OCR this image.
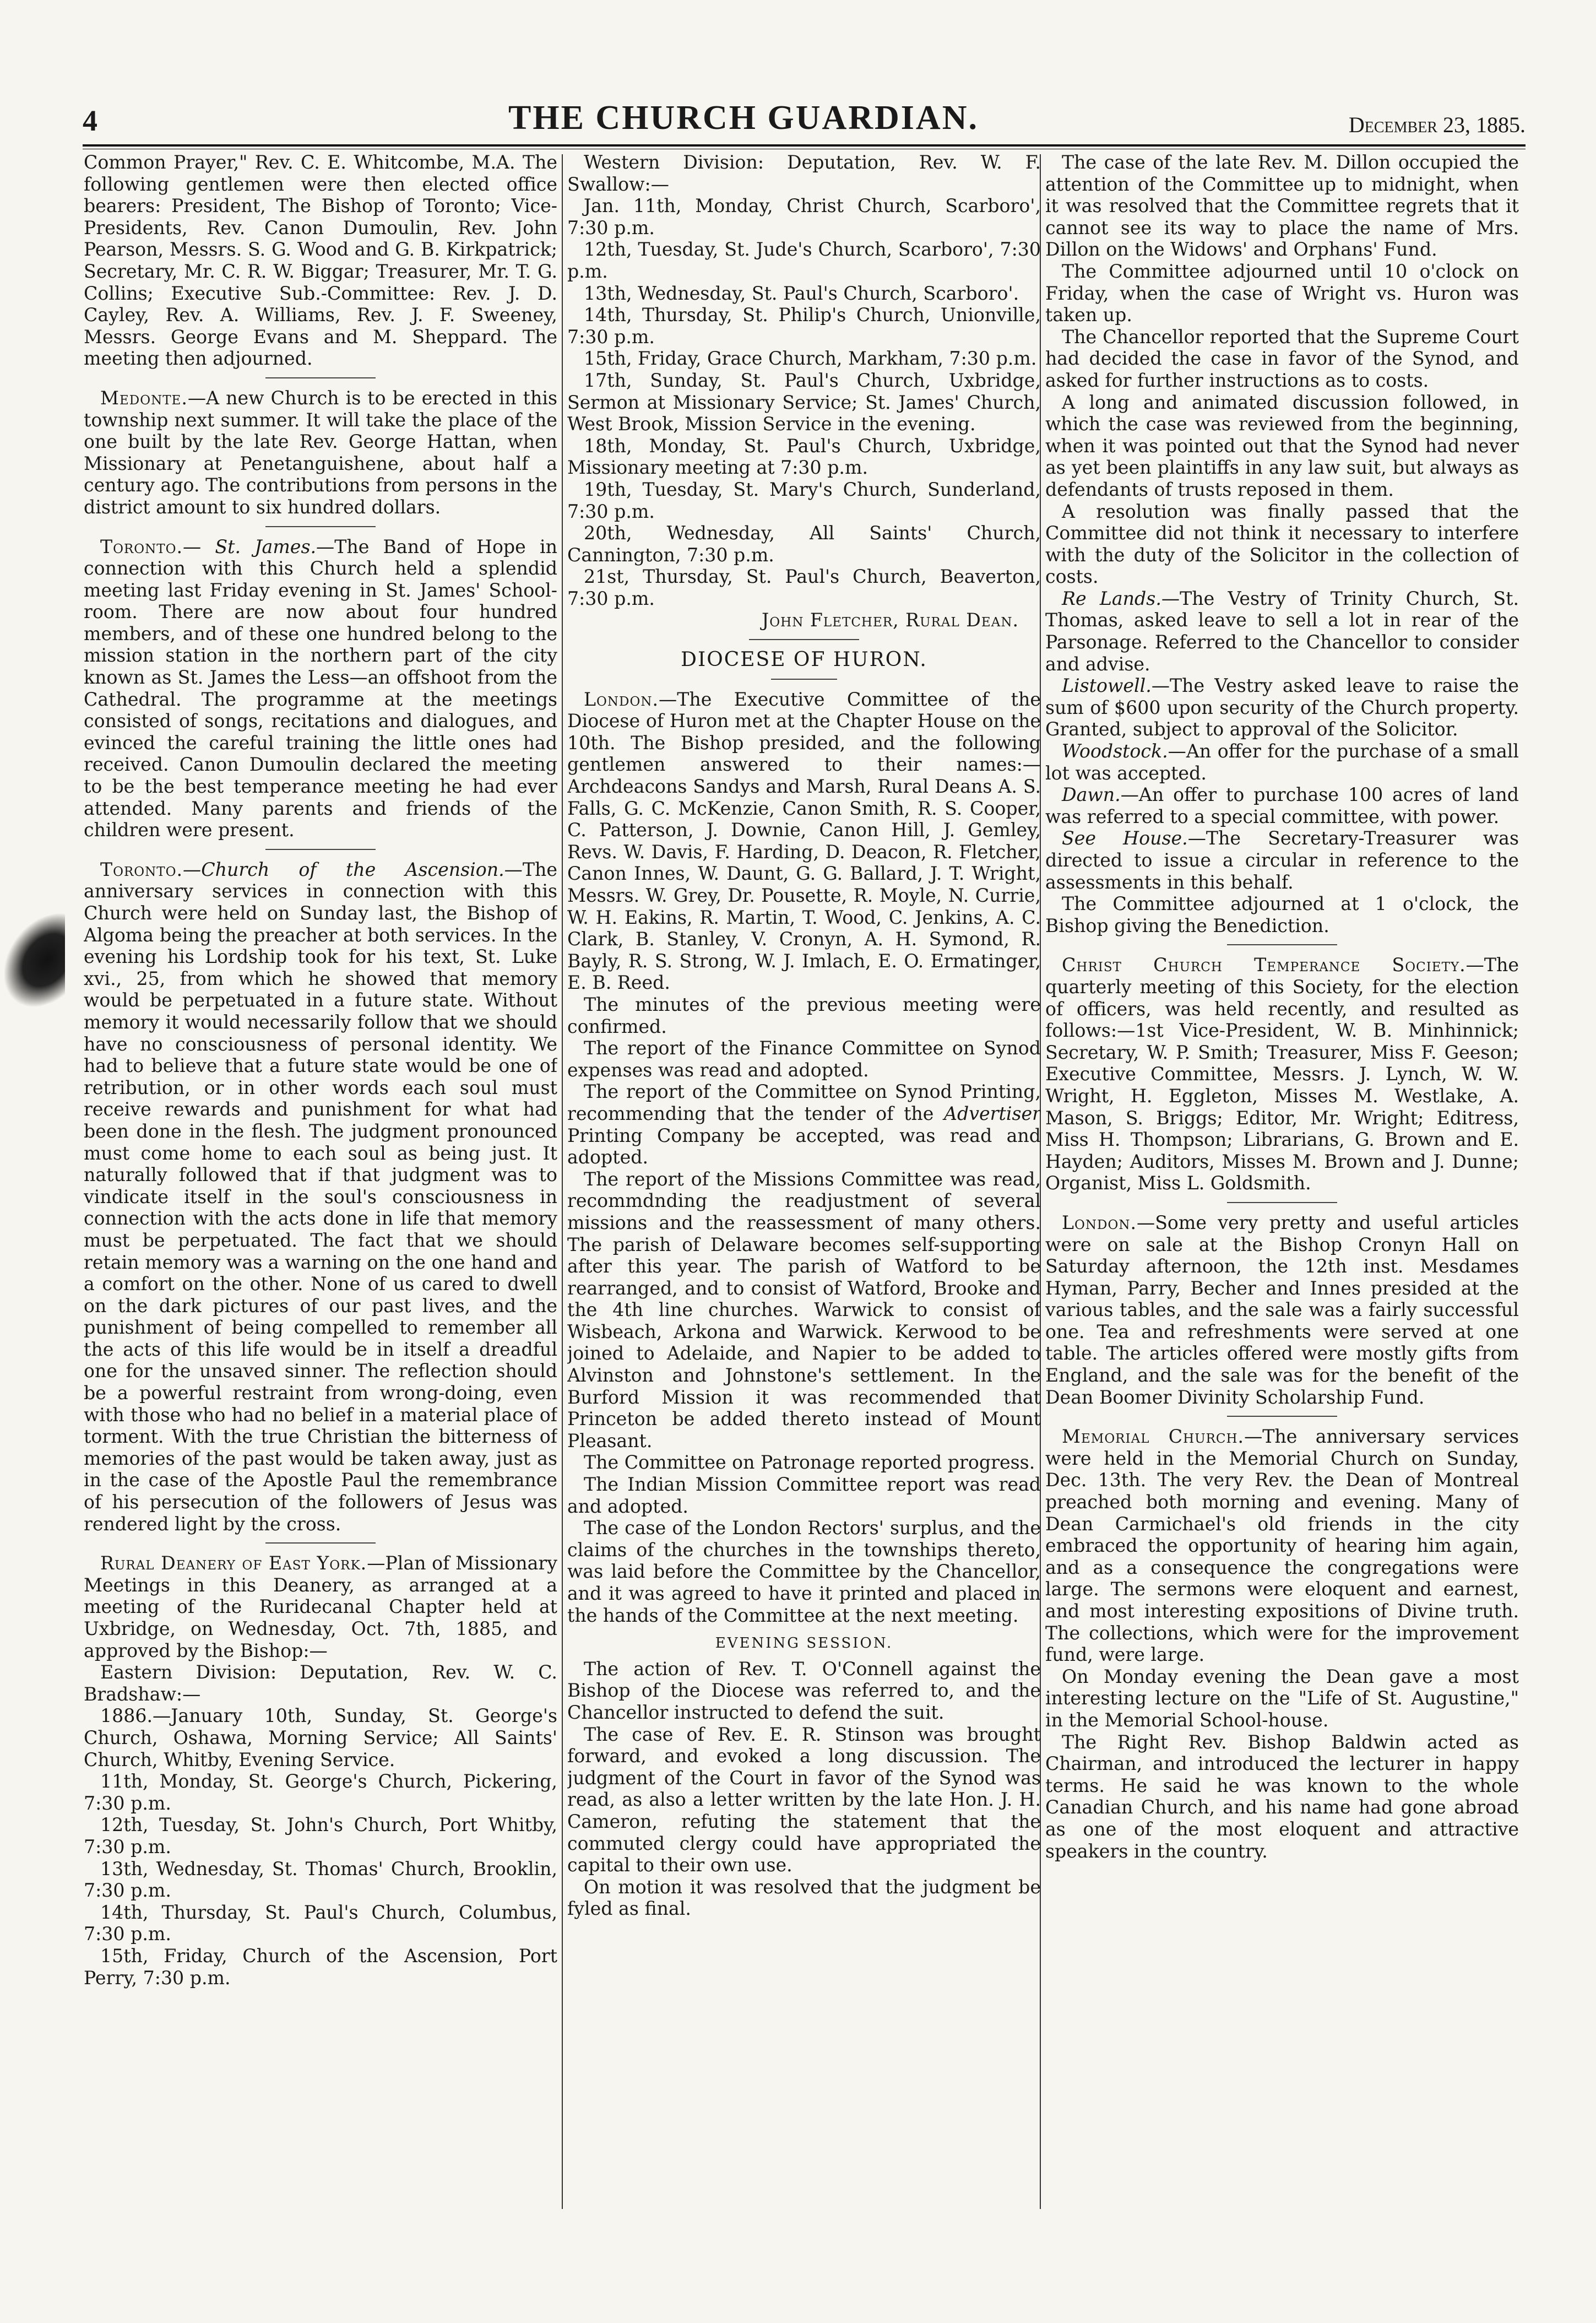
4	THE CHURCH GUARDIAN.	December 23, 1885.

Common Prayer," Rev. C. E. Whitcombe, M.A. The following gentlemen were then elected office bearers: President, The Bishop of Toronto; Vice-Presidents, Rev. Canon Dumoulin, Rev. John Pearson, Messrs. S. G. Wood and G. B. Kirkpatrick; Secretary, Mr. C. R. W. Biggar; Treasurer, Mr. T. G. Collins; Executive Sub.-Committee: Rev. J. D. Cayley, Rev. A. Williams, Rev. J. F. Sweeney, Messrs. George Evans and M. Sheppard. The meeting then adjourned.

Medonte.—A new Church is to be erected in this township next summer. It will take the place of the one built by the late Rev. George Hattan, when Missionary at Penetanguishene, about half a century ago. The contributions from persons in the district amount to six hundred dollars.

Toronto.— St. James.—The Band of Hope in connection with this Church held a splendid meeting last Friday evening in St. James' School-room. There are now about four hundred members, and of these one hundred belong to the mission station in the northern part of the city known as St. James the Less—an offshoot from the Cathedral. The programme at the meetings consisted of songs, recitations and dialogues, and evinced the careful training the little ones had received. Canon Dumoulin declared the meeting to be the best temperance meeting he had ever attended. Many parents and friends of the children were present.

Toronto.—Church of the Ascension.—The anniversary services in connection with this Church were held on Sunday last, the Bishop of Algoma being the preacher at both services. In the evening his Lordship took for his text, St. Luke xvi., 25, from which he showed that memory would be perpetuated in a future state. Without memory it would necessarily follow that we should have no consciousness of personal identity. We had to believe that a future state would be one of retribution, or in other words each soul must receive rewards and punishment for what had been done in the flesh. The judgment pronounced must come home to each soul as being just. It naturally followed that if that judgment was to vindicate itself in the soul's consciousness in connection with the acts done in life that memory must be perpetuated. The fact that we should retain memory was a warning on the one hand and a comfort on the other. None of us cared to dwell on the dark pictures of our past lives, and the punishment of being compelled to remember all the acts of this life would be in itself a dreadful one for the unsaved sinner. The reflection should be a powerful restraint from wrong-doing, even with those who had no belief in a material place of torment. With the true Christian the bitterness of memories of the past would be taken away, just as in the case of the Apostle Paul the remembrance of his persecution of the followers of Jesus was rendered light by the cross.

Rural Deanery of East York.—Plan of Missionary Meetings in this Deanery, as arranged at a meeting of the Ruridecanal Chapter held at Uxbridge, on Wednesday, Oct. 7th, 1885, and approved by the Bishop:—

Eastern Division: Deputation, Rev. W. C. Bradshaw:—

1886.—January 10th, Sunday, St. George's Church, Oshawa, Morning Service; All Saints' Church, Whitby, Evening Service.

11th, Monday, St. George's Church, Pickering, 7:30 p.m.

12th, Tuesday, St. John's Church, Port Whitby, 7:30 p.m.

13th, Wednesday, St. Thomas' Church, Brooklin, 7:30 p.m.

14th, Thursday, St. Paul's Church, Columbus, 7:30 p.m.

15th, Friday, Church of the Ascension, Port Perry, 7:30 p.m.

Western Division: Deputation, Rev. W. F. Swallow:—

Jan. 11th, Monday, Christ Church, Scarboro', 7:30 p.m.

12th, Tuesday, St. Jude's Church, Scarboro', 7:30 p.m.

13th, Wednesday, St. Paul's Church, Scarboro'.

14th, Thursday, St. Philip's Church, Unionville, 7:30 p.m.

15th, Friday, Grace Church, Markham, 7:30 p.m.

17th, Sunday, St. Paul's Church, Uxbridge, Sermon at Missionary Service; St. James' Church, West Brook, Mission Service in the evening.

18th, Monday, St. Paul's Church, Uxbridge, Missionary meeting at 7:30 p.m.

19th, Tuesday, St. Mary's Church, Sunderland, 7:30 p.m.

20th, Wednesday, All Saints' Church, Cannington, 7:30 p.m.

21st, Thursday, St. Paul's Church, Beaverton, 7:30 p.m.

John Fletcher, Rural Dean.

DIOCESE OF HURON.

London.—The Executive Committee of the Diocese of Huron met at the Chapter House on the 10th. The Bishop presided, and the following gentlemen answered to their names:—Archdeacons Sandys and Marsh, Rural Deans A. S. Falls, G. C. McKenzie, Canon Smith, R. S. Cooper, C. Patterson, J. Downie, Canon Hill, J. Gemley, Revs. W. Davis, F. Harding, D. Deacon, R. Fletcher, Canon Innes, W. Daunt, G. G. Ballard, J. T. Wright, Messrs. W. Grey, Dr. Pousette, R. Moyle, N. Currie, W. H. Eakins, R. Martin, T. Wood, C. Jenkins, A. C. Clark, B. Stanley, V. Cronyn, A. H. Symond, R. Bayly, R. S. Strong, W. J. Imlach, E. O. Ermatinger, E. B. Reed.

The minutes of the previous meeting were confirmed.

The report of the Finance Committee on Synod expenses was read and adopted.

The report of the Committee on Synod Printing, recommending that the tender of the Advertiser Printing Company be accepted, was read and adopted.

The report of the Missions Committee was read, recommdnding the readjustment of several missions and the reassessment of many others. The parish of Delaware becomes self-supporting after this year. The parish of Watford to be rearranged, and to consist of Watford, Brooke and the 4th line churches. Warwick to consist of Wisbeach, Arkona and Warwick. Kerwood to be joined to Adelaide, and Napier to be added to Alvinston and Johnstone's settlement. In the Burford Mission it was recommended that Princeton be added thereto instead of Mount Pleasant.

The Committee on Patronage reported progress.

The Indian Mission Committee report was read and adopted.

The case of the London Rectors' surplus, and the claims of the churches in the townships thereto, was laid before the Committee by the Chancellor, and it was agreed to have it printed and placed in the hands of the Committee at the next meeting.

EVENING SESSION.

The action of Rev. T. O'Connell against the Bishop of the Diocese was referred to, and the Chancellor instructed to defend the suit.

The case of Rev. E. R. Stinson was brought forward, and evoked a long discussion. The judgment of the Court in favor of the Synod was read, as also a letter written by the late Hon. J. H. Cameron, refuting the statement that the commuted clergy could have appropriated the capital to their own use.

On motion it was resolved that the judgment be fyled as final.

The case of the late Rev. M. Dillon occupied the attention of the Committee up to midnight, when it was resolved that the Committee regrets that it cannot see its way to place the name of Mrs. Dillon on the Widows' and Orphans' Fund.

The Committee adjourned until 10 o'clock on Friday, when the case of Wright vs. Huron was taken up.

The Chancellor reported that the Supreme Court had decided the case in favor of the Synod, and asked for further instructions as to costs.

A long and animated discussion followed, in which the case was reviewed from the beginning, when it was pointed out that the Synod had never as yet been plaintiffs in any law suit, but always as defendants of trusts reposed in them.

A resolution was finally passed that the Committee did not think it necessary to interfere with the duty of the Solicitor in the collection of costs.

Re Lands.—The Vestry of Trinity Church, St. Thomas, asked leave to sell a lot in rear of the Parsonage. Referred to the Chancellor to consider and advise.

Listowell.—The Vestry asked leave to raise the sum of $600 upon security of the Church property. Granted, subject to approval of the Solicitor.

Woodstock.—An offer for the purchase of a small lot was accepted.

Dawn.—An offer to purchase 100 acres of land was referred to a special committee, with power.

See House.—The Secretary-Treasurer was directed to issue a circular in reference to the assessments in this behalf.

The Committee adjourned at 1 o'clock, the Bishop giving the Benediction.

Christ Church Temperance Society.—The quarterly meeting of this Society, for the election of officers, was held recently, and resulted as follows:—1st Vice-President, W. B. Minhinnick; Secretary, W. P. Smith; Treasurer, Miss F. Geeson; Executive Committee, Messrs. J. Lynch, W. W. Wright, H. Eggleton, Misses M. Westlake, A. Mason, S. Briggs; Editor, Mr. Wright; Editress, Miss H. Thompson; Librarians, G. Brown and E. Hayden; Auditors, Misses M. Brown and J. Dunne; Organist, Miss L. Goldsmith.

London.—Some very pretty and useful articles were on sale at the Bishop Cronyn Hall on Saturday afternoon, the 12th inst. Mesdames Hyman, Parry, Becher and Innes presided at the various tables, and the sale was a fairly successful one. Tea and refreshments were served at one table. The articles offered were mostly gifts from England, and the sale was for the benefit of the Dean Boomer Divinity Scholarship Fund.

Memorial Church.—The anniversary services were held in the Memorial Church on Sunday, Dec. 13th. The very Rev. the Dean of Montreal preached both morning and evening. Many of Dean Carmichael's old friends in the city embraced the opportunity of hearing him again, and as a consequence the congregations were large. The sermons were eloquent and earnest, and most interesting expositions of Divine truth. The collections, which were for the improvement fund, were large.

On Monday evening the Dean gave a most interesting lecture on the "Life of St. Augustine," in the Memorial School-house.

The Right Rev. Bishop Baldwin acted as Chairman, and introduced the lecturer in happy terms. He said he was known to the whole Canadian Church, and his name had gone abroad as one of the most eloquent and attractive speakers in the country.
